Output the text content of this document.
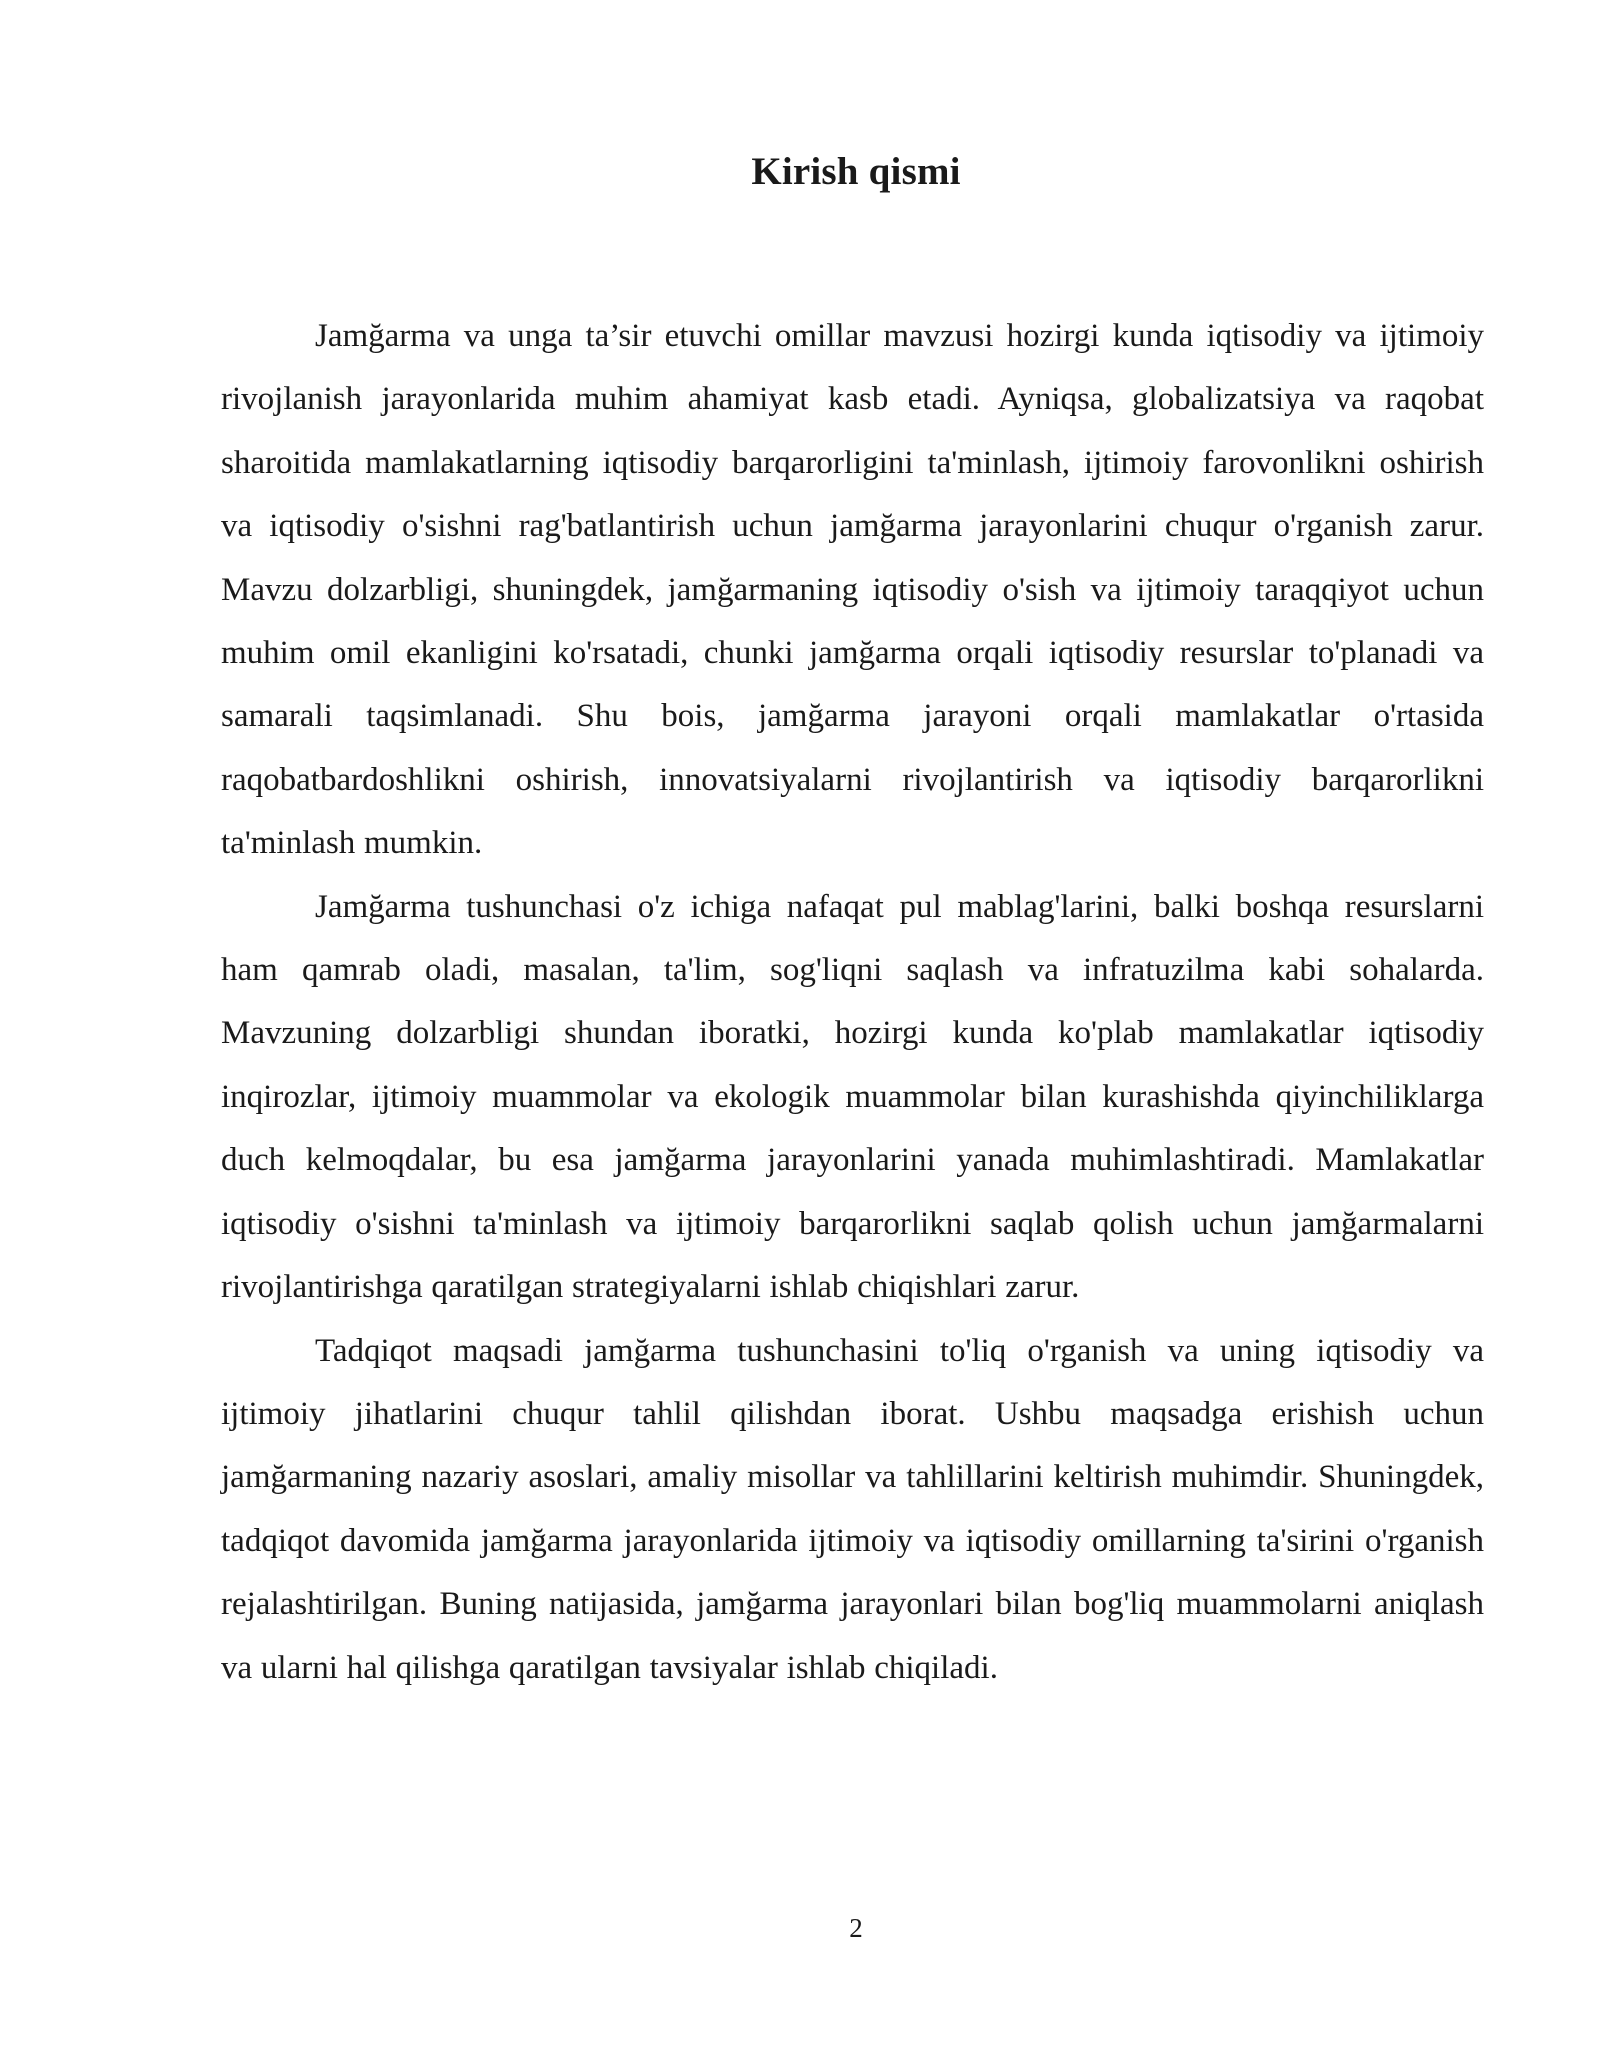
Kirish qismi

Jamğarma va unga ta’sir etuvchi omillar mavzusi hozirgi kunda iqtisodiy va ijtimoiy rivojlanish jarayonlarida muhim ahamiyat kasb etadi. Ayniqsa, globalizatsiya va raqobat sharoitida mamlakatlarning iqtisodiy barqarorligini ta'minlash, ijtimoiy farovonlikni oshirish va iqtisodiy o'sishni rag'batlantirish uchun jamğarma jarayonlarini chuqur o'rganish zarur. Mavzu dolzarbligi, shuningdek, jamğarmaning iqtisodiy o'sish va ijtimoiy taraqqiyot uchun muhim omil ekanligini ko'rsatadi, chunki jamğarma orqali iqtisodiy resurslar to'planadi va samarali taqsimlanadi. Shu bois, jamğarma jarayoni orqali mamlakatlar o'rtasida raqobatbardoshlikni oshirish, innovatsiyalarni rivojlantirish va iqtisodiy barqarorlikni ta'minlash mumkin.

Jamğarma tushunchasi o'z ichiga nafaqat pul mablag'larini, balki boshqa resurslarni ham qamrab oladi, masalan, ta'lim, sog'liqni saqlash va infratuzilma kabi sohalarda. Mavzuning dolzarbligi shundan iboratki, hozirgi kunda ko'plab mamlakatlar iqtisodiy inqirozlar, ijtimoiy muammolar va ekologik muammolar bilan kurashishda qiyinchiliklarga duch kelmoqdalar, bu esa jamğarma jarayonlarini yanada muhimlashtiradi. Mamlakatlar iqtisodiy o'sishni ta'minlash va ijtimoiy barqarorlikni saqlab qolish uchun jamğarmalarni rivojlantirishga qaratilgan strategiyalarni ishlab chiqishlari zarur.

Tadqiqot maqsadi jamğarma tushunchasini to'liq o'rganish va uning iqtisodiy va ijtimoiy jihatlarini chuqur tahlil qilishdan iborat. Ushbu maqsadga erishish uchun jamğarmaning nazariy asoslari, amaliy misollar va tahlillarini keltirish muhimdir. Shuningdek, tadqiqot davomida jamğarma jarayonlarida ijtimoiy va iqtisodiy omillarning ta'sirini o'rganish rejalashtirilgan. Buning natijasida, jamğarma jarayonlari bilan bog'liq muammolarni aniqlash va ularni hal qilishga qaratilgan tavsiyalar ishlab chiqiladi.

2
